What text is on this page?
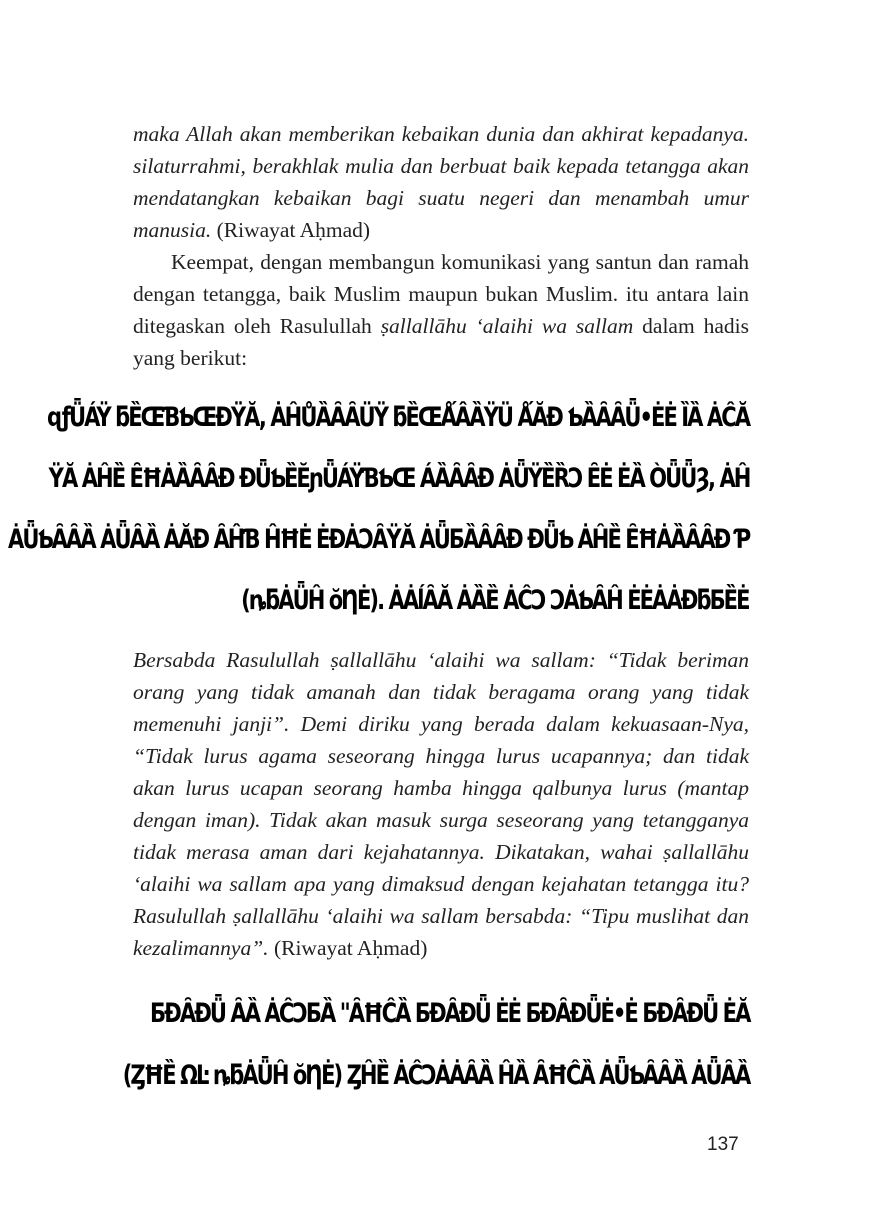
maka Allah akan memberikan kebaikan dunia dan akhirat kepadanya. silaturrahmi, berakhlak mulia dan berbuat baik kepada tetangga akan mendatangkan kebaikan bagi suatu negeri dan menambah umur manusia. (Riwayat Aḥmad)

Keempat, dengan membangun komunikasi yang santun dan ramah dengan tetangga, baik Muslim maupun bukan Muslim. itu antara lain ditegaskan oleh Rasulullah ṣallallāhu ‘alaihi wa sallam dalam hadis yang berikut:

ɋƒǕÁŸ ƃȄŒƁƄŒƉŸĂ, ȦĤŮȀȂȂÜŸ ƃȄŒǺÂȀŸÜ ǺĂƉ ƄȀȂȂǕ•ĖĖ ȈȀ ȦĈĂ
ŸĂ ȦĤȄ ȆĦȦȀȂȂƉ ƉǕƄȄĔɲǕÁŸƁƄŒ ÁȀȂȂƉ ȦǕŸȄȐƆ ȆĖ ĖȀ ÒǕǕȜ, ȦĤ
ȦǕƄȂȂȀ ȦǕȂȀ ȦĂƉ ȂĤƁ ĤĦĖ ĖƉȦƆȂŸĂ ȦǕƂȀȂȂƉ ƉǕƄ ȦĤȄ ȆĦȦȀȂȂƉ Ƥ
(ȵƃȦǕĤ ŏȠĖ). ȦȦĺȂĂ ȦȀȄ ȦĈƆ ƆȦƄȂĤ ĖĖȦȦƉƃƂȄĖ

Bersabda Rasulullah ṣallallāhu ‘alaihi wa sallam: “Tidak beriman orang yang tidak amanah dan tidak beragama orang yang tidak memenuhi janji”. Demi diriku yang berada dalam kekuasaan-Nya, “Tidak lurus agama seseorang hingga lurus ucapannya; dan tidak akan lurus ucapan seorang hamba hingga qalbunya lurus (mantap dengan iman). Tidak akan masuk surga seseorang yang tetangganya tidak merasa aman dari kejahatannya. Dikatakan, wahai ṣallallāhu ‘alaihi wa sallam apa yang dimaksud dengan kejahatan tetangga itu? Rasulullah ṣallallāhu ‘alaihi wa sallam bersabda: “Tipu muslihat dan kezalimannya”. (Riwayat Aḥmad)

ƂƉȂƉǕ ȂȀ ȦĈƆƂȀ "ȂĦĈȀ ƂƉȂƉǕ ĖĖ ƂƉȂƉǕĖ•Ė ƂƉȂƉǕ ĖĂ
(ȤĦȄ ΩĿ ȵƃȦǕĤ ŏȠĖ) ȤĤȄ ȦĈƆȦȦȂȀ ĤȀ ȂĦĈȀ ȦǕƄȂȂȀ ȦǕȂȀ
137
